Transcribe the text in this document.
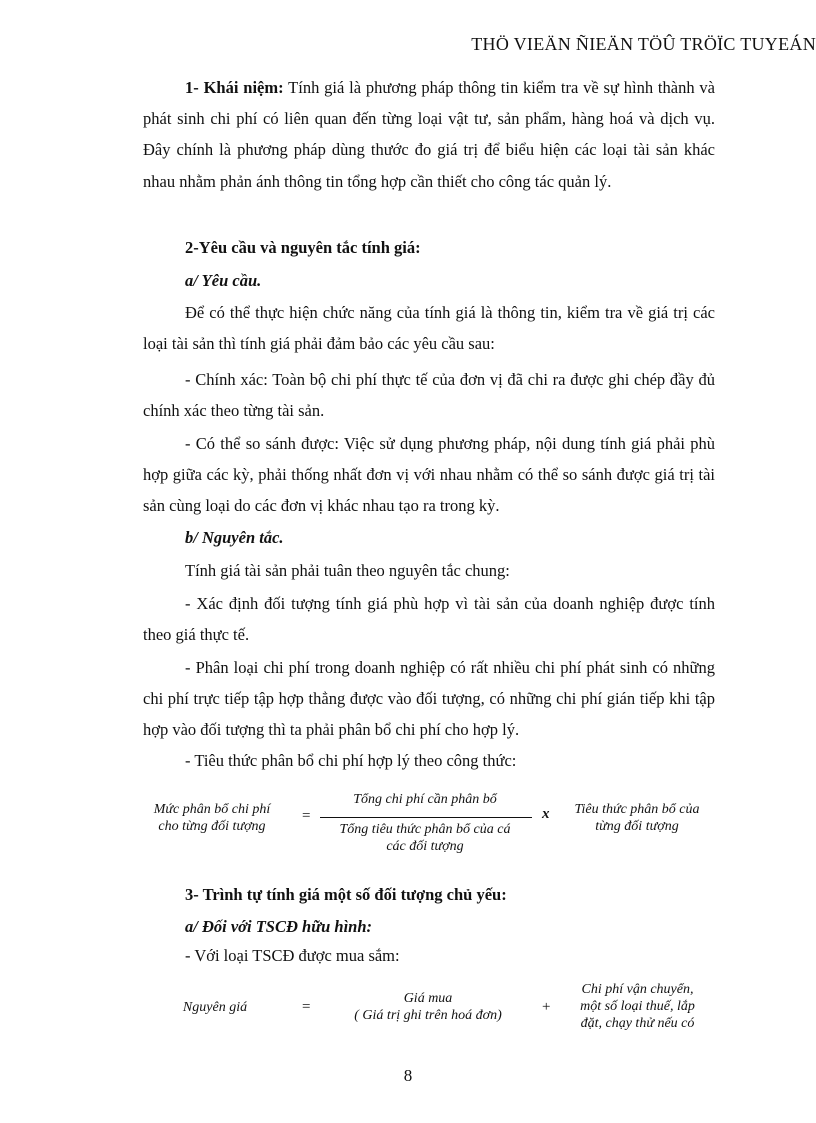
THÖ VIEÄN ÑIEÄN TÖÛ TRÖÏC TUYEÁN

1- Khái niệm: Tính giá là phương pháp thông tin kiểm tra về sự hình thành và phát sinh chi phí có liên quan đến từng loại vật tư, sản phẩm, hàng hoá và dịch vụ. Đây chính là phương pháp dùng thước đo giá trị để biểu hiện các loại tài sản khác nhau nhằm phản ánh thông tin tổng hợp cần thiết cho công tác quản lý.

2-Yêu cầu và nguyên tắc tính giá:
a/ Yêu cầu.

Để có thể thực hiện chức năng của tính giá là thông tin, kiểm tra về giá trị các loại tài sản thì tính giá phải đảm bảo các yêu cầu sau:

- Chính xác: Toàn bộ chi phí thực tế của đơn vị đã chi ra được ghi chép đầy đủ chính xác theo từng tài sản.

- Có thể so sánh được: Việc sử dụng phương pháp, nội dung tính giá phải phù hợp giữa các kỳ, phải thống nhất đơn vị với nhau nhằm có thể so sánh được giá trị tài sản cùng loại do các đơn vị khác nhau tạo ra trong kỳ.

b/ Nguyên tắc.
Tính giá tài sản phải tuân theo nguyên tắc chung:

- Xác định đối tượng tính giá phù hợp vì tài sản của doanh nghiệp được tính theo giá thực tế.

- Phân loại chi phí trong doanh nghiệp có rất nhiều chi phí phát sinh có những chi phí trực tiếp tập hợp thẳng được vào đối tượng, có những chi phí gián tiếp khi tập hợp vào đối tượng thì ta phải phân bổ chi phí cho hợp lý.

- Tiêu thức phân bổ chi phí hợp lý theo công thức:
Mức phân bổ chi phí
cho từng đối tượng
=
Tổng chi phí cần phân bổ
Tổng tiêu thức phân bổ của cá
các đối tượng
x	Tiêu thức phân bổ của
từng đối tượng
3- Trình tự tính giá một số đối tượng chủ yếu:
a/ Đối với TSCĐ hữu hình:
- Với loại TSCĐ được mua sắm:
Nguyên giá	=
Giá mua
( Giá trị ghi trên hoá đơn)
+
Chi phí vận chuyển,
một số loại thuế, lắp
đặt, chạy thử nếu có
8
